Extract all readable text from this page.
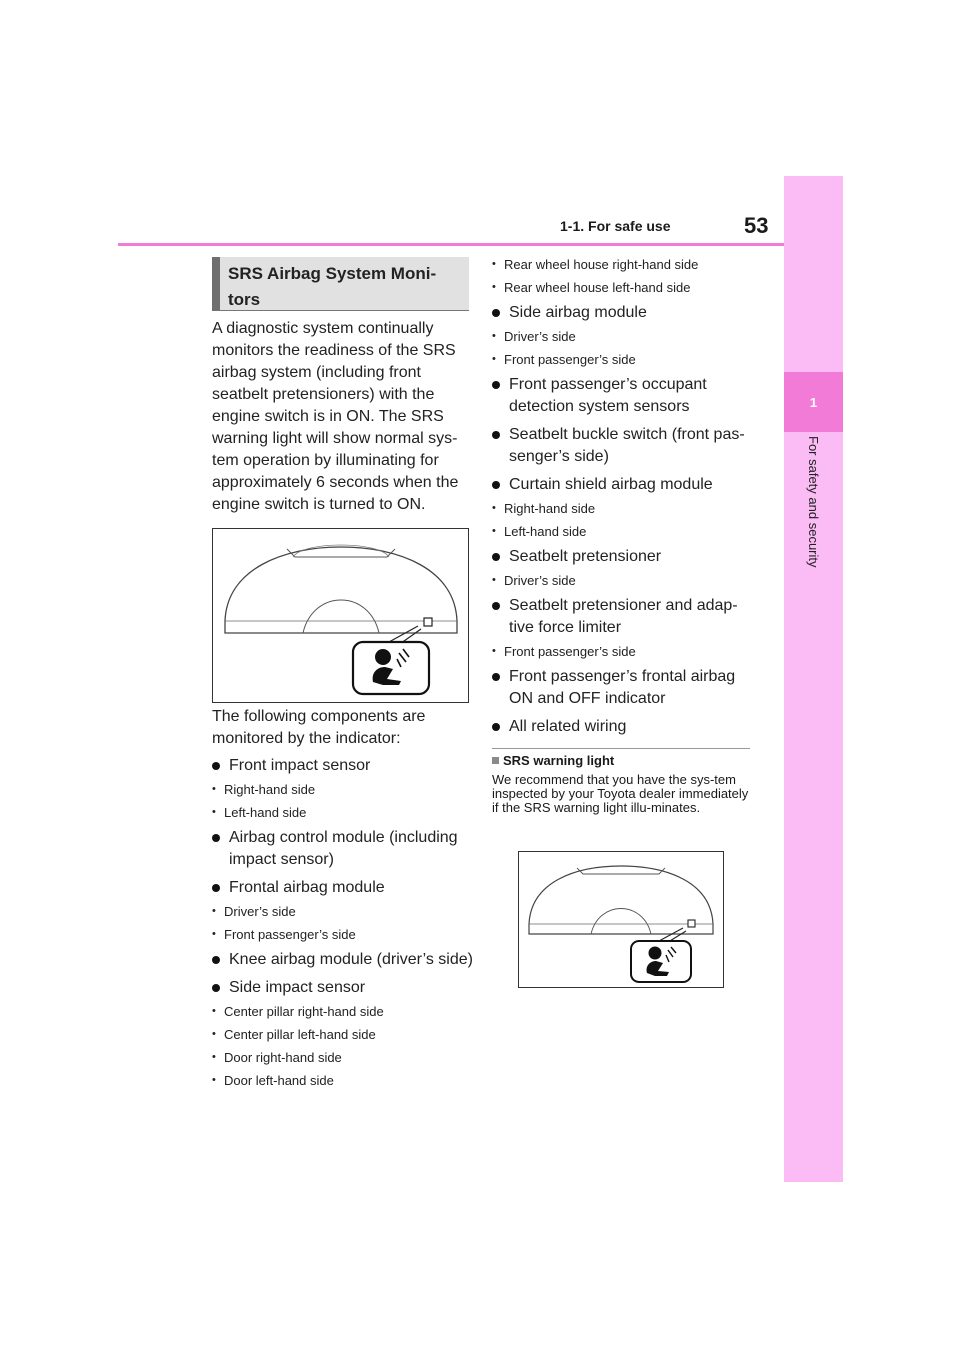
1-1. For safe use	53
1
For safety and security
SRS Airbag System Moni-tors
A diagnostic system continually monitors the readiness of the SRS airbag system (including front seatbelt pretensioners) with the engine switch is in ON. The SRS warning light will show normal sys-tem operation by illuminating for approximately 6 seconds when the engine switch is turned to ON.
The following components are monitored by the indicator:
Front impact sensor
• Right-hand side
• Left-hand side
Airbag control module (including impact sensor)
Frontal airbag module
• Driver’s side
• Front passenger’s side
Knee airbag module (driver’s side)
Side impact sensor
• Center pillar right-hand side
• Center pillar left-hand side
• Door right-hand side
• Door left-hand side
• Rear wheel house right-hand side
• Rear wheel house left-hand side
Side airbag module
• Driver’s side
• Front passenger’s side
Front passenger’s occupant detection system sensors
Seatbelt buckle switch (front pas-senger’s side)
Curtain shield airbag module
• Right-hand side
• Left-hand side
Seatbelt pretensioner
• Driver’s side
Seatbelt pretensioner and adap-tive force limiter
• Front passenger’s side
Front passenger’s frontal airbag ON and OFF indicator
All related wiring
SRS warning light
We recommend that you have the sys-tem inspected by your Toyota dealer immediately if the SRS warning light illu-minates.
